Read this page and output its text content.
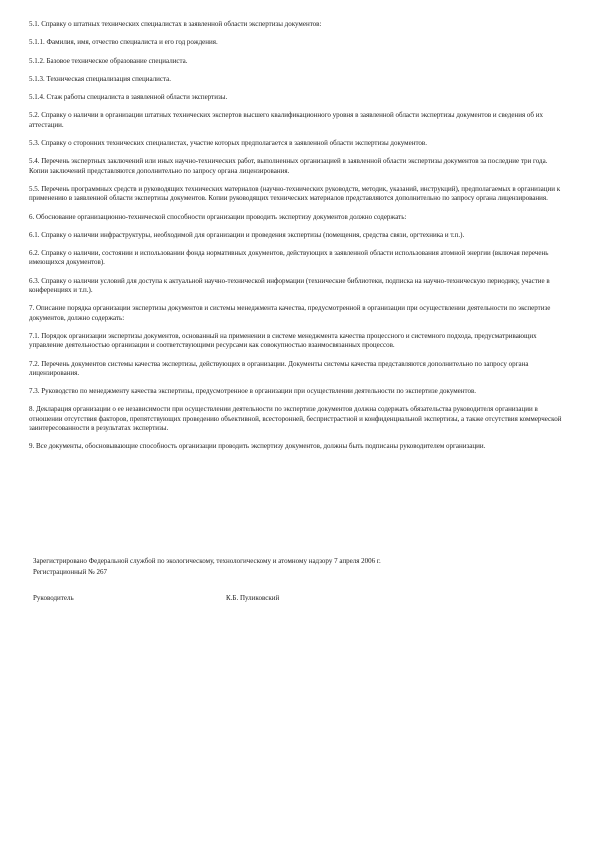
5.1. Справку о штатных технических специалистах в заявленной области экспертизы документов:

5.1.1. Фамилия, имя, отчество специалиста и его год рождения.

5.1.2. Базовое техническое образование специалиста.

5.1.3. Техническая специализация специалиста.

5.1.4. Стаж работы специалиста в заявленной области экспертизы.

5.2. Справку о наличии в организации штатных технических экспертов высшего квалификационного уровня в заявленной области экспертизы документов и сведения об их аттестации.

5.3. Справку о сторонних технических специалистах, участие которых предполагается в заявленной области экспертизы документов.

5.4. Перечень экспертных заключений или иных научно-технических работ, выполненных организацией в заявленной области экспертизы документов за последние три года. Копии заключений представляются дополнительно по запросу органа лицензирования.

5.5. Перечень программных средств и руководящих технических материалов (научно-технических руководств, методик, указаний, инструкций), предполагаемых в организации к применению в заявленной области экспертизы документов. Копии руководящих технических материалов представляются дополнительно по запросу органа лицензирования.

6. Обоснование организационно-технической способности организации проводить экспертизу документов должно содержать:

6.1. Справку о наличии инфраструктуры, необходимой для организации и проведения экспертизы (помещения, средства связи, оргтехника и т.п.).

6.2. Справку о наличии, состоянии и использовании фонда нормативных документов, действующих в заявленной области использования атомной энергии (включая перечень имеющихся документов).

6.3. Справку о наличии условий для доступа к актуальной научно-технической информации (технические библиотеки, подписка на научно-техническую периодику, участие в конференциях и т.п.).

7. Описание порядка организации экспертизы документов и системы менеджмента качества, предусмотренной в организации при осуществлении деятельности по экспертизе документов, должно содержать:

7.1. Порядок организации экспертизы документов, основанный на применении в системе менеджмента качества процессного и системного подхода, предусматривающих управление деятельностью организации и соответствующими ресурсами как совокупностью взаимосвязанных процессов.

7.2. Перечень документов системы качества экспертизы, действующих в организации. Документы системы качества представляются дополнительно по запросу органа лицензирования.

7.3. Руководство по менеджменту качества экспертизы, предусмотренное в организации при осуществлении деятельности по экспертизе документов.

8. Декларация организации о ее независимости при осуществлении деятельности по экспертизе документов должна содержать обязательства руководителя организации в отношении отсутствия факторов, препятствующих проведению объективной, всесторонней, беспристрастной и конфиденциальной экспертизы, а также отсутствия коммерческой заинтересованности в результатах экспертизы.

9. Все документы, обосновывающие способность организации проводить экспертизу документов, должны быть подписаны руководителем организации.

Зарегистрировано Федеральной службой по экологическому, технологическому и атомному надзору 7 апреля 2006 г.

Регистрационный № 267

Руководитель	К.Б. Пуликовский
